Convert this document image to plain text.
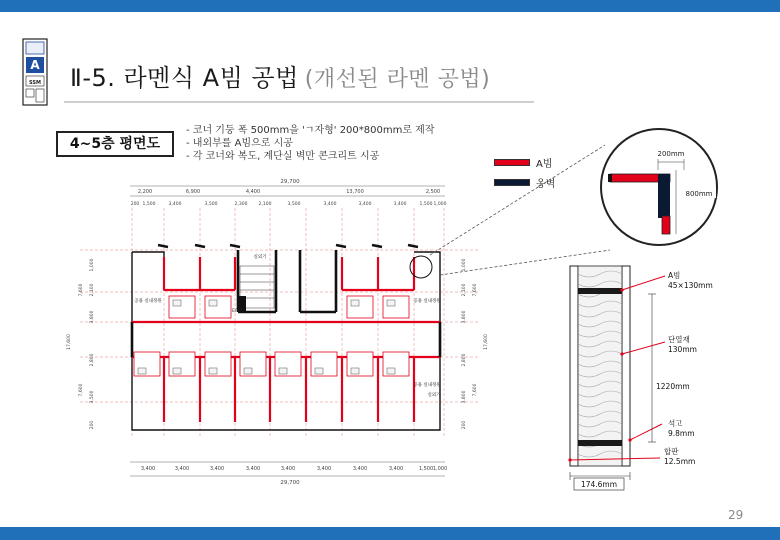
A
SSM Ⅱ-5. 라멘식 A빔 공법 (개선된 라멘 공법)
4~5층 평면도
- 코너 기둥 폭 500mm을 'ㄱ자형' 200*800mm로 제작
- 내외부를 A빔으로 시공
- 각 코너와 복도, 계단실 벽만 콘크리트 시공
A빔
옹벽
29,700
2,200	6,900	4,400	13,700	2,500
200 1,500	3,400	3,500	2,300 2,100	3,500	3,400	3,400	3,400	1,500 1,000
실외기
E/V홀
공용 실내정원	공용 실내정원
공용 실내정원
실외기
1,000
2,100
3,800
2,800
3,500
200
7,600
17,600
7,600
1,000
2,100
3,800
2,800
3,800
200
7,600
17,600
7,600
3,400	3,400	3,400	3,400	3,400	3,400	3,400	3,400	1,500 1,000
29,700
200mm
800mm
A빔
45×130mm
단열재
130mm
석고
9.8mm
합판
12.5mm
1220mm
174.6mm
29
